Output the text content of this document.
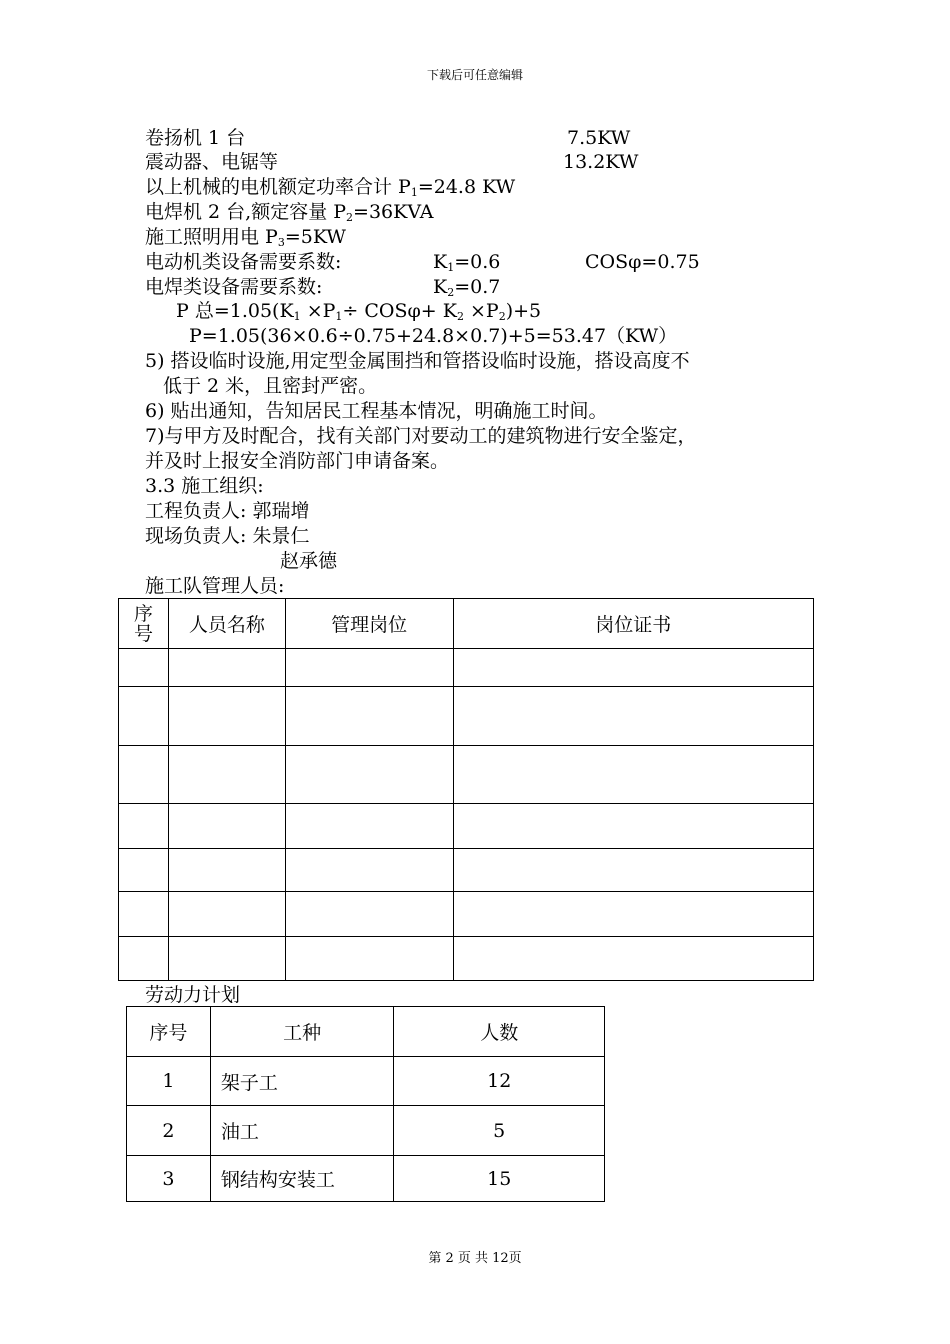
下载后可任意编辑
卷扬机 1 台	7.5KW
震动器、电锯等	13.2KW
以上机械的电机额定功率合计 $P_1=24.8$ KW
电焊机 2 台,额定容量 $P_2=36KVA$
施工照明用电 $P_3=5KW$
电动机类设备需要系数:	$K_1=0.6$	COSφ=0.75
电焊类设备需要系数:	$K_2=0.7$
P 总$=1.05(K_1 \times P_1\div COS\varphi+ K_2 \times P_2)+5$
P=1.05(36×0.6÷0.75+24.8×0.7)+5=53.47（KW）
5) 搭设临时设施,用定型金属围挡和管搭设临时设施，搭设高度不
低于 2 米，且密封严密。
6) 贴出通知，告知居民工程基本情况，明确施工时间。
7)与甲方及时配合，找有关部门对要动工的建筑物进行安全鉴定，
并及时上报安全消防部门申请备案。
3.3 施工组织:
工程负责人: 郭瑞增
现场负责人: 朱景仁
赵承德
施工队管理人员:
序号	人员名称	管理岗位	岗位证书

劳动力计划
序号	工种	人数
1	架子工	12
2	油工	5
3	钢结构安装工	15
第 2 页 共 12页
